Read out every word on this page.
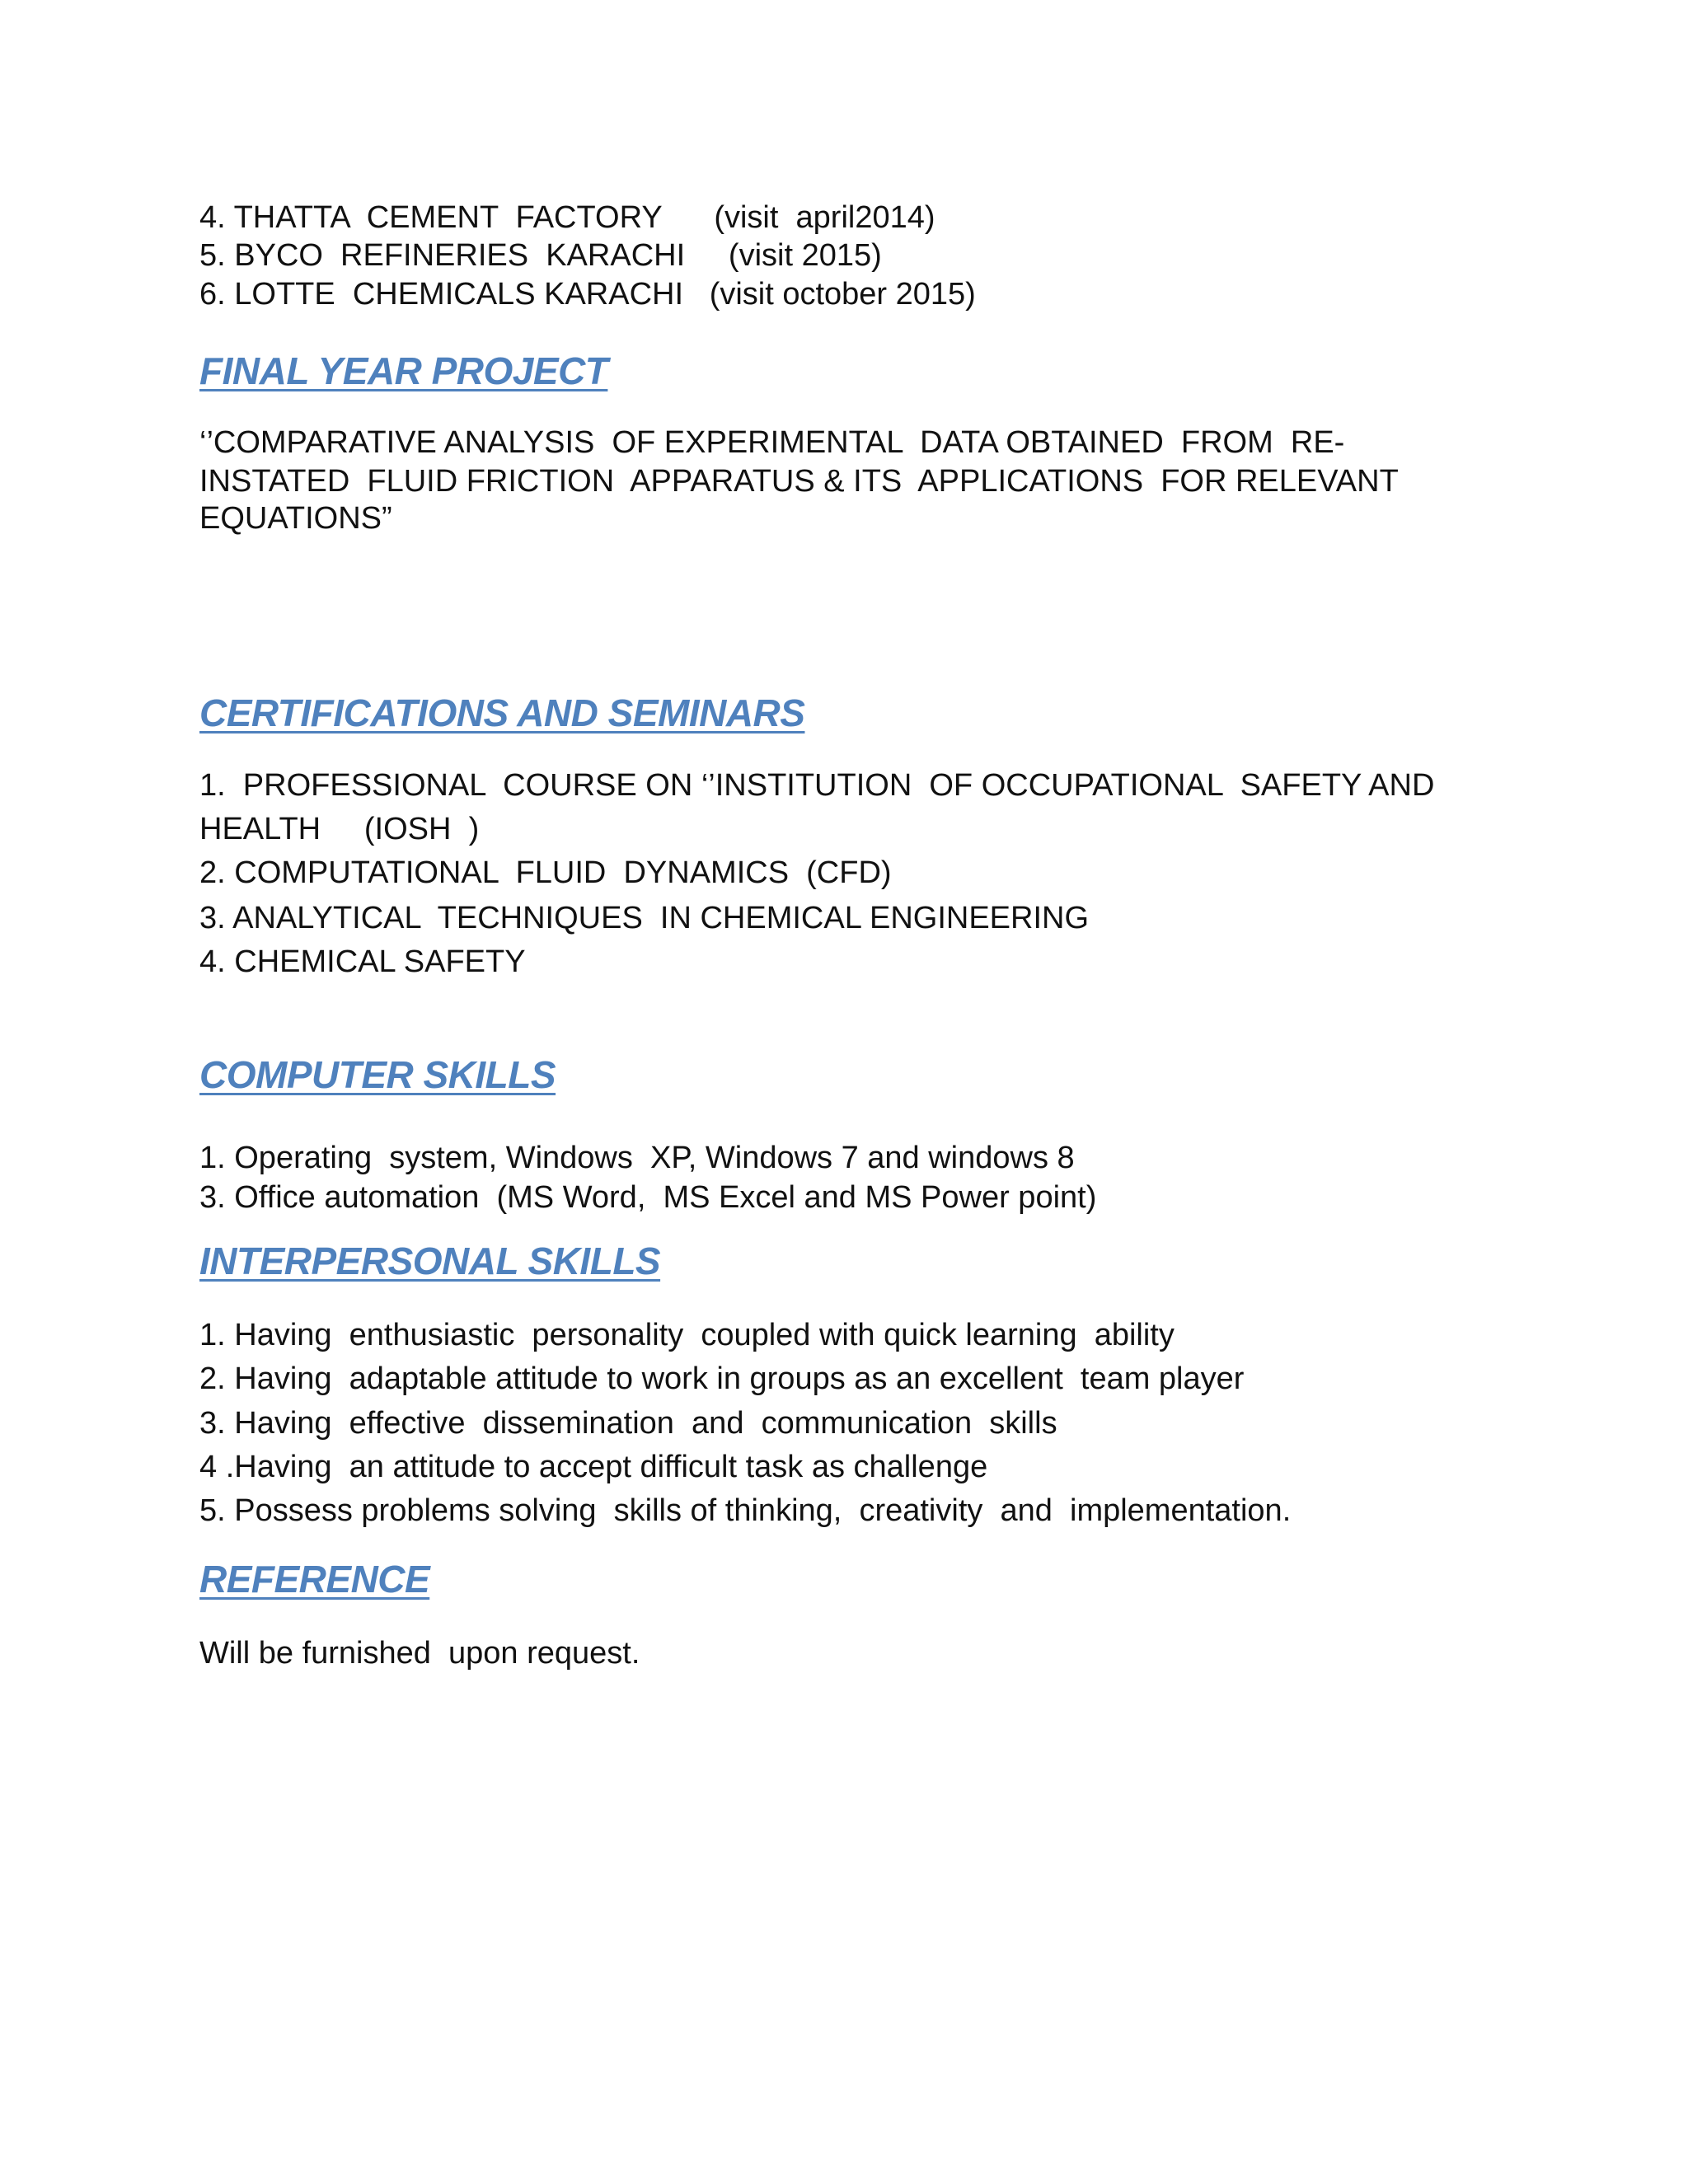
4. THATTA  CEMENT  FACTORY      (visit  april2014)
5. BYCO  REFINERIES  KARACHI     (visit 2015)
6. LOTTE  CHEMICALS KARACHI   (visit october 2015)
FINAL YEAR PROJECT
‘’COMPARATIVE ANALYSIS  OF EXPERIMENTAL  DATA OBTAINED  FROM  RE-
INSTATED  FLUID FRICTION  APPARATUS & ITS  APPLICATIONS  FOR RELEVANT
EQUATIONS”
CERTIFICATIONS AND SEMINARS
1.  PROFESSIONAL  COURSE ON ‘’INSTITUTION  OF OCCUPATIONAL  SAFETY AND
HEALTH     (IOSH  )
2. COMPUTATIONAL  FLUID  DYNAMICS  (CFD)
3. ANALYTICAL  TECHNIQUES  IN CHEMICAL ENGINEERING
4. CHEMICAL SAFETY
COMPUTER SKILLS
1. Operating  system, Windows  XP, Windows 7 and windows 8
3. Office automation  (MS Word,  MS Excel and MS Power point)
INTERPERSONAL SKILLS
1. Having  enthusiastic  personality  coupled with quick learning  ability
2. Having  adaptable attitude to work in groups as an excellent  team player
3. Having  effective  dissemination  and  communication  skills
4 .Having  an attitude to accept difficult task as challenge
5. Possess problems solving  skills of thinking,  creativity  and  implementation.
REFERENCE
Will be furnished  upon request.
